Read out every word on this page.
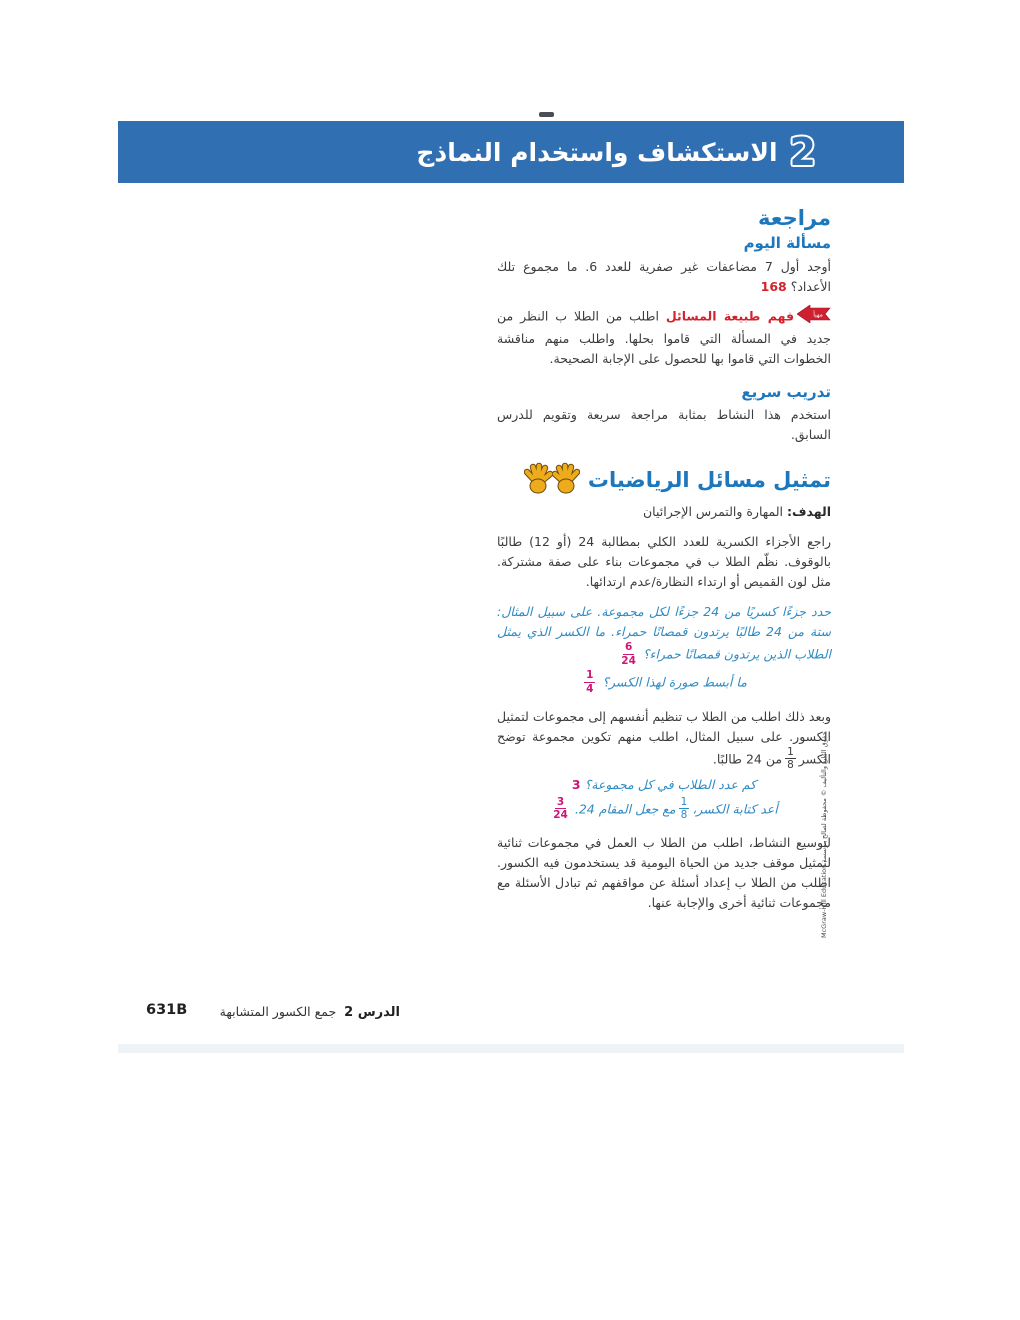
2
الاستكشاف واستخدام النماذج
مراجعة
مسألة اليوم

أوجد أول 7 مضاعفات غير صفرية للعدد 6. ما مجموع تلك الأعداد؟ 168

مهيأ
فهم طبيعة المسائل اطلب من الطلا ب النظر من جديد في المسألة التي قاموا بحلها. واطلب منهم مناقشة الخطوات التي قاموا بها للحصول على الإجابة الصحيحة.

تدريب سريع

استخدم هذا النشاط بمثابة مراجعة سريعة وتقويم للدرس السابق.

تمثيل مسائل الرياضيات

الهدف: المهارة والتمرس الإجرائيان

راجع الأجزاء الكسرية للعدد الكلي بمطالبة 24 (أو 12) طالبًا بالوقوف. نظّم الطلا ب في مجموعات بناء على صفة مشتركة. مثل لون القميص أو ارتداء النظارة/عدم ارتدائها.

حدد جزءًا كسريًا من 24 جزءًا لكل مجموعة. على سبيل المثال: ستة من 24 طالبًا يرتدون قمصانًا حمراء. ما الكسر الذي يمثل الطلاب الذين يرتدون قمصانًا حمراء؟
$\frac{6}{24}$

ما أبسط صورة لهذا الكسر؟
$\frac{1}{4}$

وبعد ذلك اطلب من الطلا ب تنظيم أنفسهم إلى مجموعات لتمثيل الكسور. على سبيل المثال، اطلب منهم تكوين مجموعة توضح الكسر
$\frac{1}{8}$
من 24 طالبًا.

كم عدد الطلاب في كل مجموعة؟ 3

أعد كتابة الكسر،
$\frac{1}{8}$
مع جعل المقام 24.
$\frac{3}{24}$

لتوسيع النشاط، اطلب من الطلا ب العمل في مجموعات ثنائية لتمثيل موقف جديد من الحياة اليومية قد يستخدمون فيه الكسور. اطلب من الطلا ب إعداد أسئلة عن مواقفهم ثم تبادل الأسئلة مع مجموعات ثنائية أخرى والإجابة عنها.

حقوق الطبع والتأليف © محفوظة لصالح مؤسسة McGraw-Hill Education
الدرس 2  جمع الكسور المتشابهة
631B
